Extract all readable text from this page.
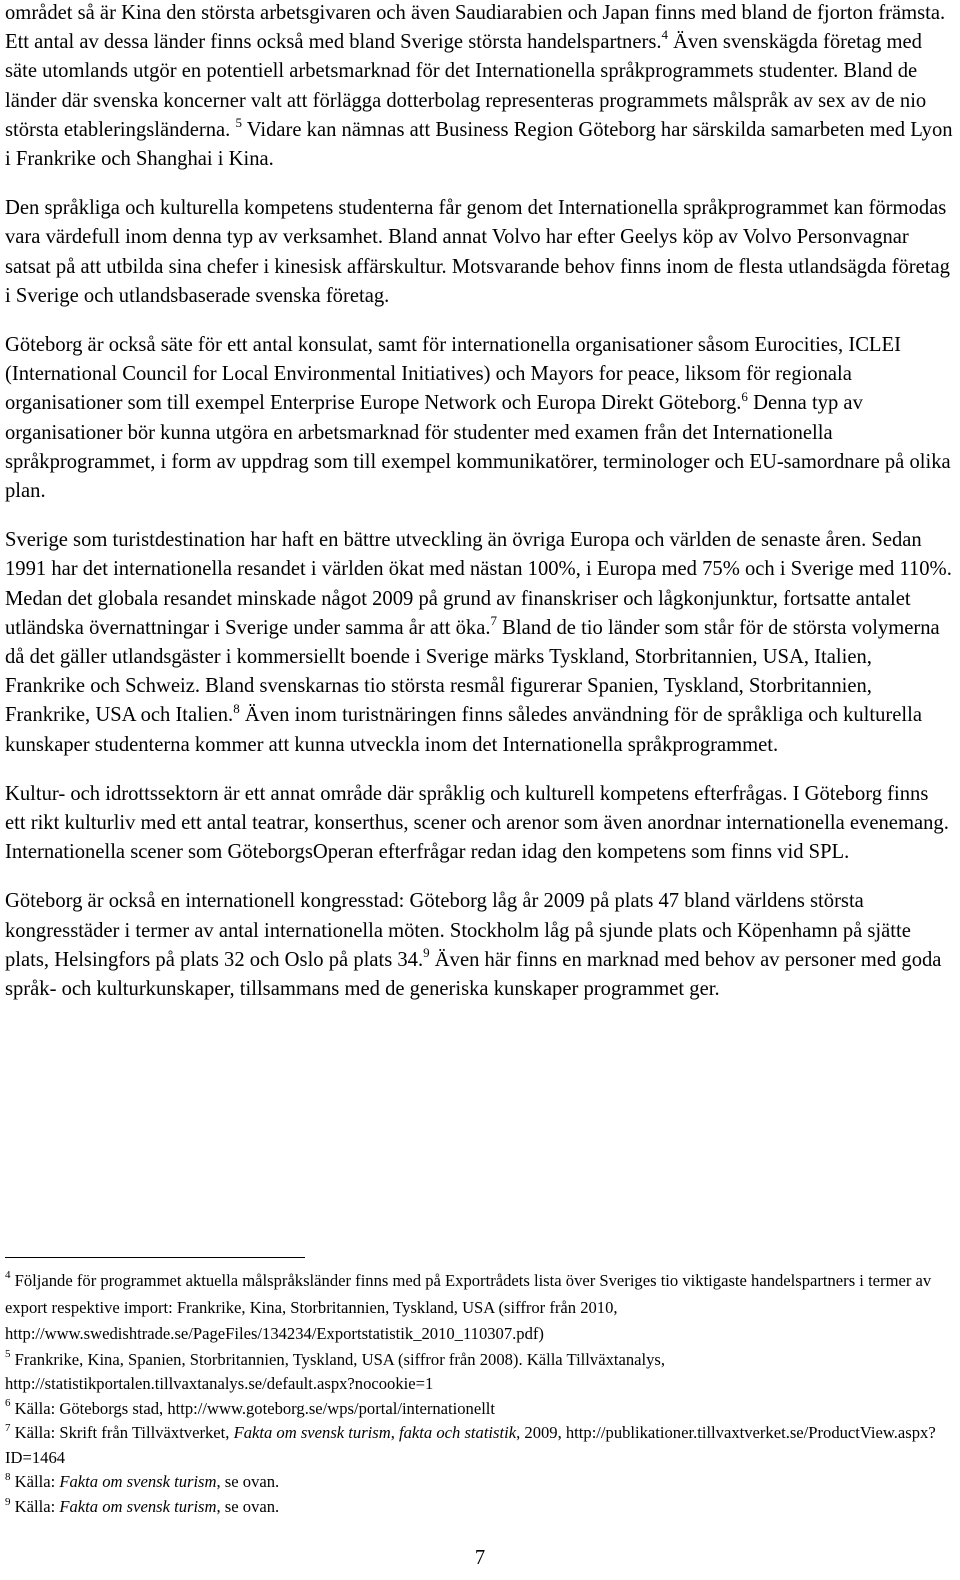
området så är Kina den största arbetsgivaren och även Saudiarabien och Japan finns med bland de fjorton främsta. Ett antal av dessa länder finns också med bland Sverige största handelspartners.$^4$ Även svenskägda företag med säte utomlands utgör en potentiell arbetsmarknad för det Internationella språkprogrammets studenter. Bland de länder där svenska koncerner valt att förlägga dotterbolag representeras programmets målspråk av sex av de nio största etableringsländerna. $^5$ Vidare kan nämnas att Business Region Göteborg har särskilda samarbeten med Lyon i Frankrike och Shanghai i Kina.

Den språkliga och kulturella kompetens studenterna får genom det Internationella språkprogrammet kan förmodas vara värdefull inom denna typ av verksamhet. Bland annat Volvo har efter Geelys köp av Volvo Personvagnar satsat på att utbilda sina chefer i kinesisk affärskultur. Motsvarande behov finns inom de flesta utlandsägda företag i Sverige och utlandsbaserade svenska företag.

Göteborg är också säte för ett antal konsulat, samt för internationella organisationer såsom Eurocities, ICLEI (International Council for Local Environmental Initiatives) och Mayors for peace, liksom för regionala organisationer som till exempel Enterprise Europe Network och Europa Direkt Göteborg.$^6$ Denna typ av organisationer bör kunna utgöra en arbetsmarknad för studenter med examen från det Internationella språkprogrammet, i form av uppdrag som till exempel kommunikatörer, terminologer och EU-samordnare på olika plan.

Sverige som turistdestination har haft en bättre utveckling än övriga Europa och världen de senaste åren. Sedan 1991 har det internationella resandet i världen ökat med nästan 100%, i Europa med 75% och i Sverige med 110%. Medan det globala resandet minskade något 2009 på grund av finanskriser och lågkonjunktur, fortsatte antalet utländska övernattningar i Sverige under samma år att öka.$^7$ Bland de tio länder som står för de största volymerna då det gäller utlandsgäster i kommersiellt boende i Sverige märks Tyskland, Storbritannien, USA, Italien, Frankrike och Schweiz. Bland svenskarnas tio största resmål figurerar Spanien, Tyskland, Storbritannien, Frankrike, USA och Italien.$^8$ Även inom turistnäringen finns således användning för de språkliga och kulturella kunskaper studenterna kommer att kunna utveckla inom det Internationella språkprogrammet.

Kultur- och idrottssektorn är ett annat område där språklig och kulturell kompetens efterfrågas. I Göteborg finns ett rikt kulturliv med ett antal teatrar, konserthus, scener och arenor som även anordnar internationella evenemang. Internationella scener som GöteborgsOperan efterfrågar redan idag den kompetens som finns vid SPL.

Göteborg är också en internationell kongresstad: Göteborg låg år 2009 på plats 47 bland världens största kongresstäder i termer av antal internationella möten. Stockholm låg på sjunde plats och Köpenhamn på sjätte plats, Helsingfors på plats 32 och Oslo på plats 34.$^9$ Även här finns en marknad med behov av personer med goda språk- och kulturkunskaper, tillsammans med de generiska kunskaper programmet ger.

$^4$ Följande för programmet aktuella målspråksländer finns med på Exportrådets lista över Sveriges tio viktigaste handelspartners i termer av export respektive import: Frankrike, Kina, Storbritannien, Tyskland, USA (siffror från 2010, http://www.swedishtrade.se/PageFiles/134234/Exportstatistik_2010_110307.pdf)

$^5$ Frankrike, Kina, Spanien, Storbritannien, Tyskland, USA (siffror från 2008). Källa Tillväxtanalys, http://statistikportalen.tillvaxtanalys.se/default.aspx?nocookie=1

$^6$ Källa: Göteborgs stad, http://www.goteborg.se/wps/portal/internationellt

$^7$ Källa: Skrift från Tillväxtverket, Fakta om svensk turism, fakta och statistik, 2009, http://publikationer.tillvaxtverket.se/ProductView.aspx?ID=1464

$^8$ Källa: Fakta om svensk turism, se ovan.

$^9$ Källa: Fakta om svensk turism, se ovan.

7
